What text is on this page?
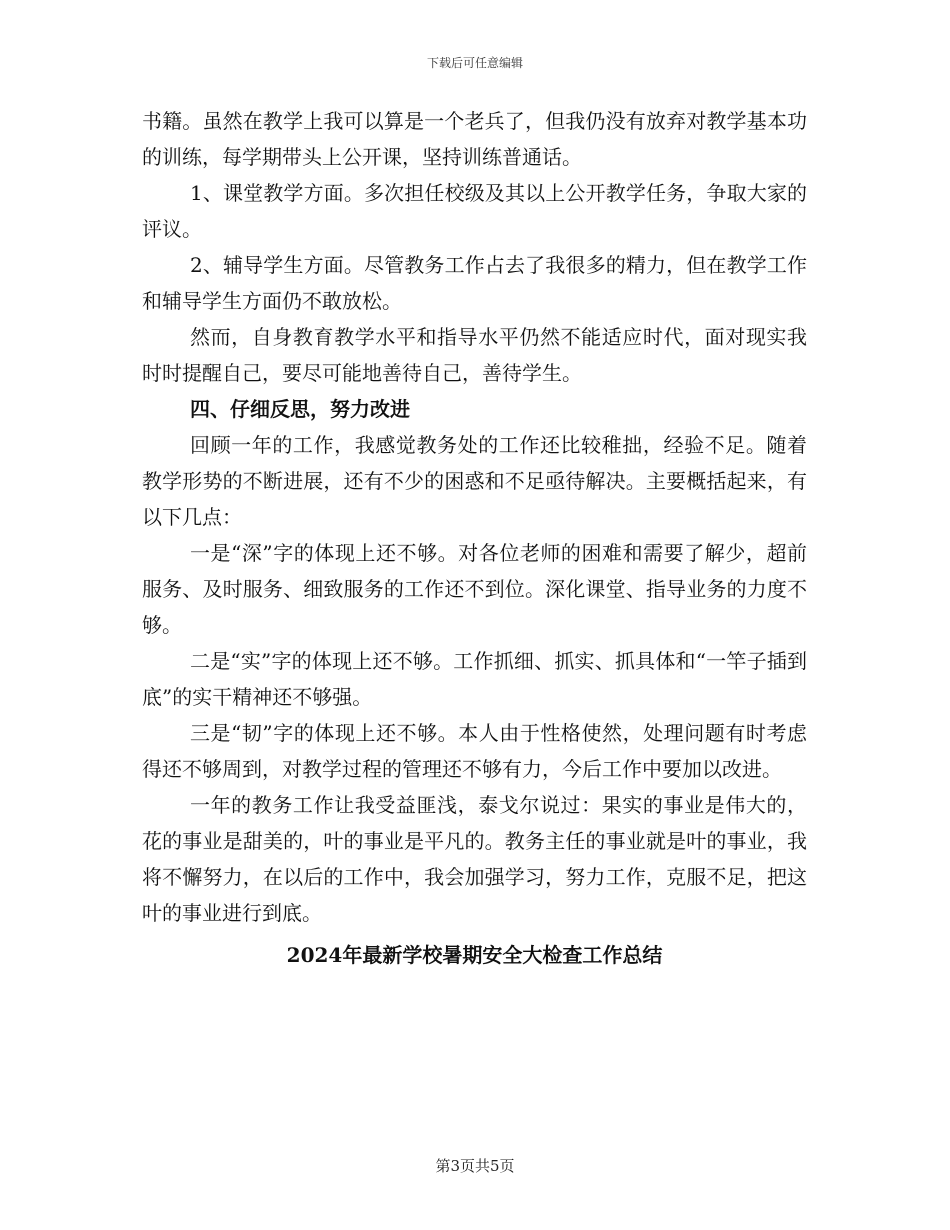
下载后可任意编辑

书籍。虽然在教学上我可以算是一个老兵了，但我仍没有放弃对教学基本功的训练，每学期带头上公开课，坚持训练普通话。

1、课堂教学方面。多次担任校级及其以上公开教学任务，争取大家的评议。

2、辅导学生方面。尽管教务工作占去了我很多的精力，但在教学工作和辅导学生方面仍不敢放松。

然而，自身教育教学水平和指导水平仍然不能适应时代，面对现实我时时提醒自己，要尽可能地善待自己，善待学生。

四、仔细反思，努力改进

回顾一年的工作，我感觉教务处的工作还比较稚拙，经验不足。随着教学形势的不断进展，还有不少的困惑和不足亟待解决。主要概括起来，有以下几点：

一是“深”字的体现上还不够。对各位老师的困难和需要了解少，超前服务、及时服务、细致服务的工作还不到位。深化课堂、指导业务的力度不够。

二是“实”字的体现上还不够。工作抓细、抓实、抓具体和“一竿子插到底”的实干精神还不够强。

三是“韧”字的体现上还不够。本人由于性格使然，处理问题有时考虑得还不够周到，对教学过程的管理还不够有力，今后工作中要加以改进。

一年的教务工作让我受益匪浅，泰戈尔说过：果实的事业是伟大的，花的事业是甜美的，叶的事业是平凡的。教务主任的事业就是叶的事业，我将不懈努力，在以后的工作中，我会加强学习，努力工作，克服不足，把这叶的事业进行到底。

2024年最新学校暑期安全大检查工作总结

第3页共5页
